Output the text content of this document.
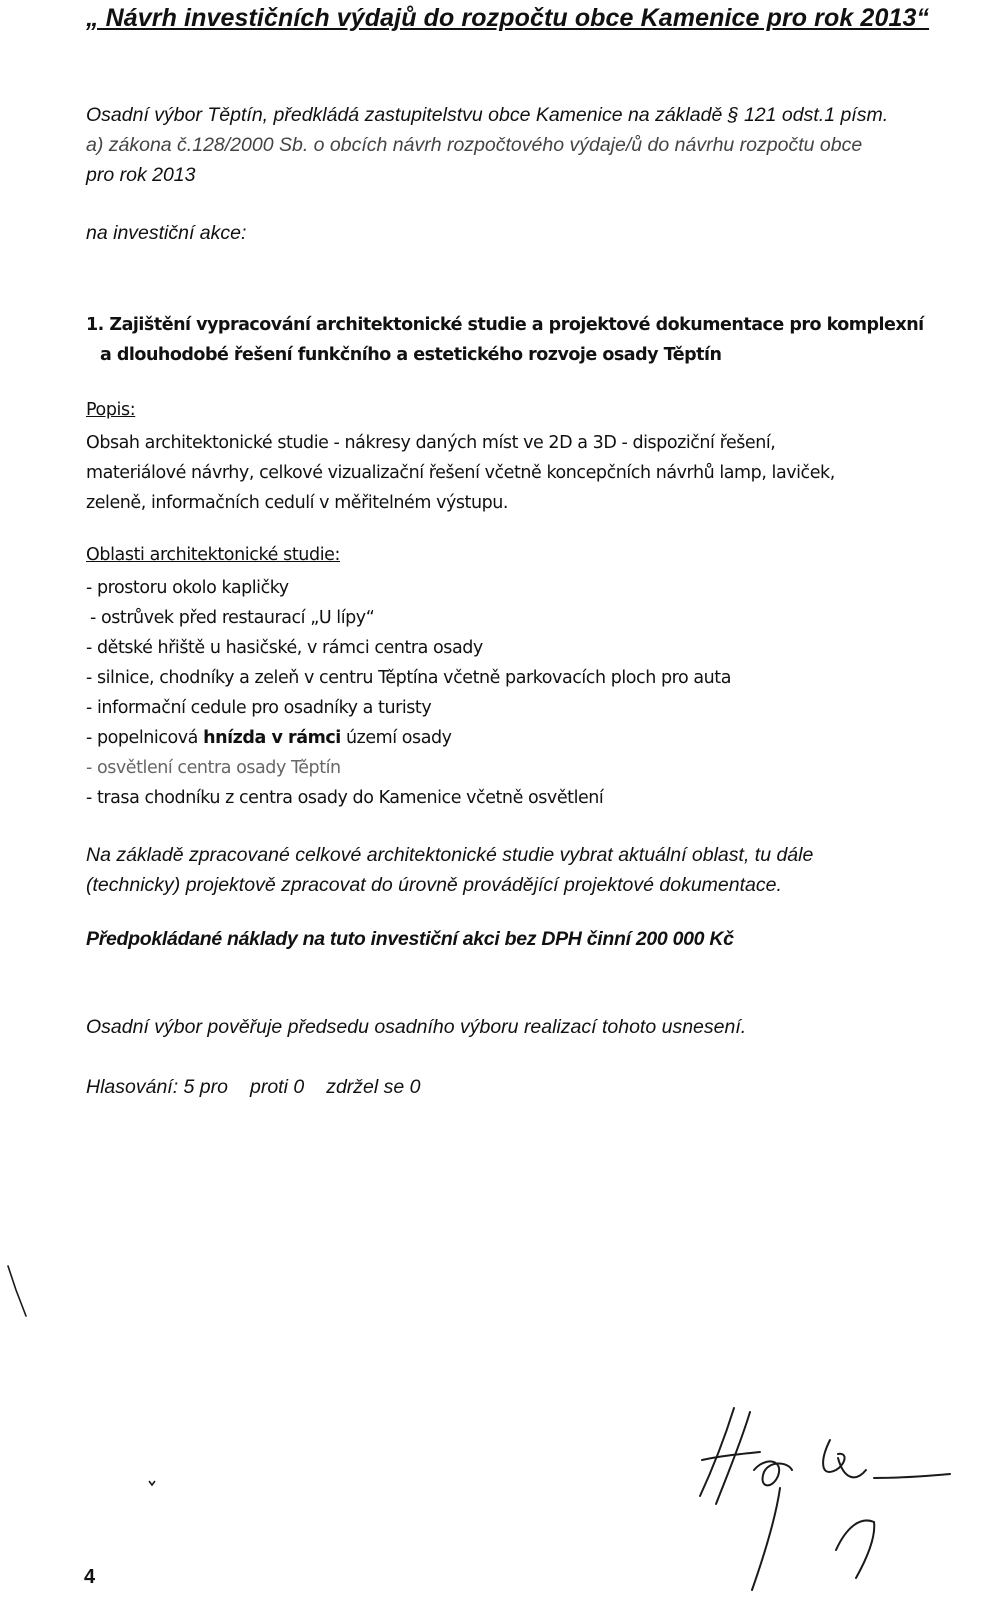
„ Návrh investičních výdajů do rozpočtu obce Kamenice pro rok 2013“

Osadní výbor Těptín, předkládá zastupitelstvu obce Kamenice na základě § 121 odst.1 písm.
a) zákona č.128/2000 Sb. o obcích návrh rozpočtového výdaje/ů do návrhu rozpočtu obce
pro rok 2013

na investiční akce:

1. Zajištění vypracování architektonické studie a projektové dokumentace pro komplexní
a dlouhodobé řešení funkčního a estetického rozvoje osady Těptín

Popis:

Obsah architektonické studie - nákresy daných míst ve 2D a 3D - dispoziční řešení,
materiálové návrhy, celkové vizualizační řešení včetně koncepčních návrhů lamp, laviček,
zeleně, informačních cedulí v měřitelném výstupu.

Oblasti architektonické studie:

- prostoru okolo kapličky
- ostrůvek před restaurací „U lípy“
- dětské hřiště u hasičské, v rámci centra osady
- silnice, chodníky a zeleň v centru Těptína včetně parkovacích ploch pro auta
- informační cedule pro osadníky a turisty
- popelnicová hnízda v rámci území osady
- osvětlení centra osady Těptín
- trasa chodníku z centra osady do Kamenice včetně osvětlení

Na základě zpracované celkové architektonické studie vybrat aktuální oblast, tu dále
(technicky) projektově zpracovat do úrovně provádějící projektové dokumentace.

Předpokládané náklady na tuto investiční akci bez DPH činní 200 000 Kč

Osadní výbor pověřuje předsedu osadního výboru realizací tohoto usnesení.

Hlasování: 5 pro proti 0 zdržel se 0

4
